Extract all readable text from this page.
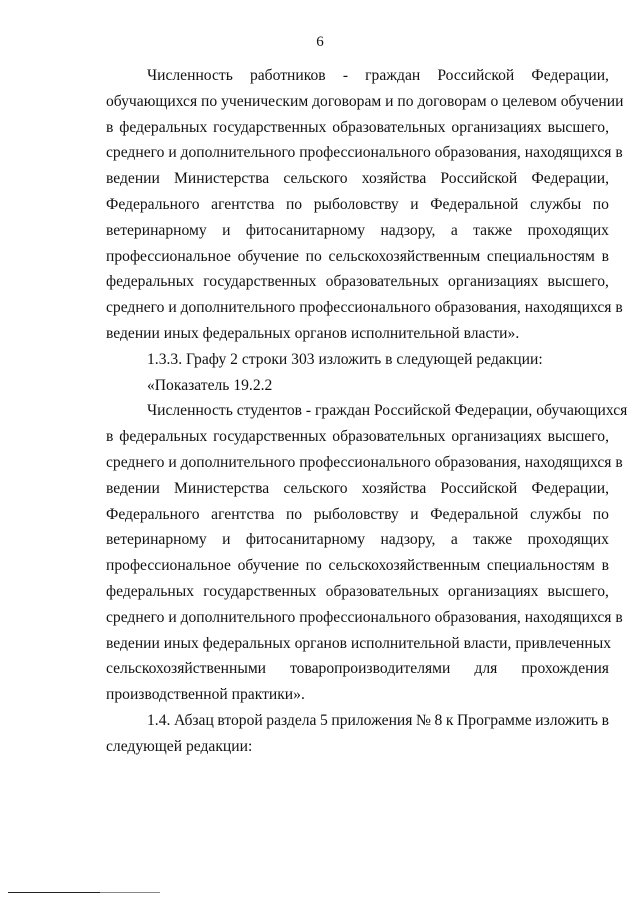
6
Численность работников - граждан Российской Федерации,
обучающихся по ученическим договорам и по договорам о целевом обучении
в федеральных государственных образовательных организациях высшего,
среднего и дополнительного профессионального образования, находящихся в
ведении Министерства сельского хозяйства Российской Федерации,
Федерального агентства по рыболовству и Федеральной службы по
ветеринарному и фитосанитарному надзору, а также проходящих
профессиональное обучение по сельскохозяйственным специальностям в
федеральных государственных образовательных организациях высшего,
среднего и дополнительного профессионального образования, находящихся в
ведении иных федеральных органов исполнительной власти».
1.3.3. Графу 2 строки 303 изложить в следующей редакции:
«Показатель 19.2.2
Численность студентов - граждан Российской Федерации, обучающихся
в федеральных государственных образовательных организациях высшего,
среднего и дополнительного профессионального образования, находящихся в
ведении Министерства сельского хозяйства Российской Федерации,
Федерального агентства по рыболовству и Федеральной службы по
ветеринарному и фитосанитарному надзору, а также проходящих
профессиональное обучение по сельскохозяйственным специальностям в
федеральных государственных образовательных организациях высшего,
среднего и дополнительного профессионального образования, находящихся в
ведении иных федеральных органов исполнительной власти, привлеченных
сельскохозяйственными товаропроизводителями для прохождения
производственной практики».
1.4. Абзац второй раздела 5 приложения № 8 к Программе изложить в
следующей редакции:
